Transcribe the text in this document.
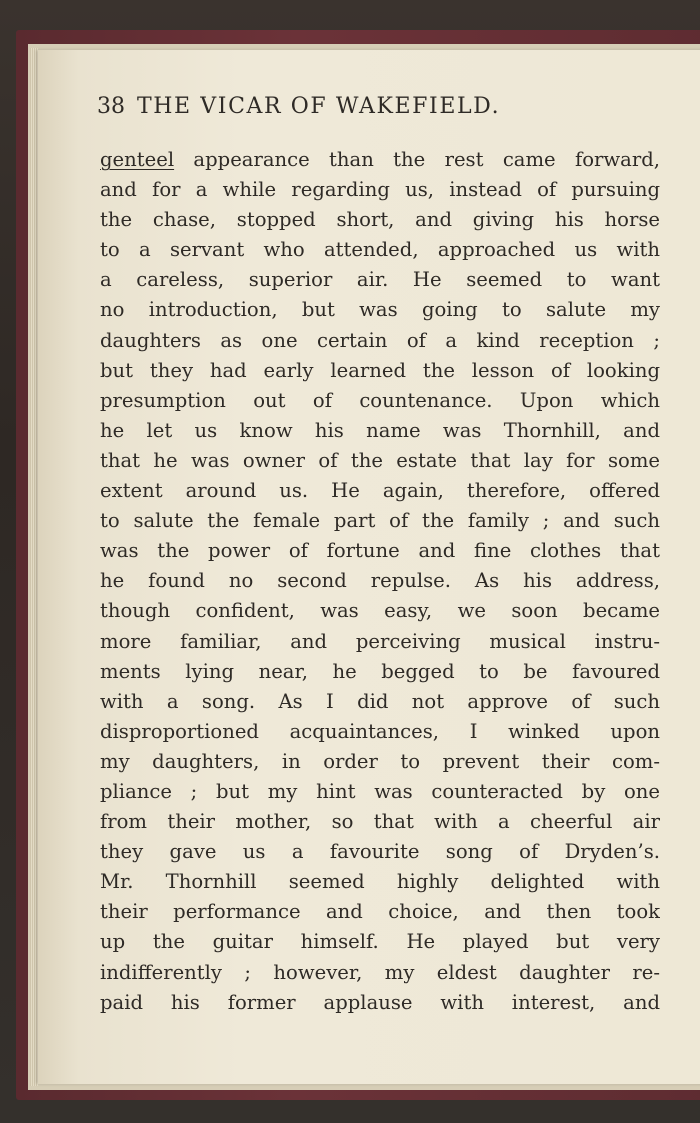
38 THE VICAR OF WAKEFIELD.
genteel appearance than the rest came forward,
and for a while regarding us, instead of pursuing
the chase, stopped short, and giving his horse
to a servant who attended, approached us with
a careless, superior air. He seemed to want
no introduction, but was going to salute my
daughters as one certain of a kind reception ;
but they had early learned the lesson of looking
presumption out of countenance. Upon which
he let us know his name was Thornhill, and
that he was owner of the estate that lay for some
extent around us. He again, therefore, offered
to salute the female part of the family ; and such
was the power of fortune and fine clothes that
he found no second repulse. As his address,
though confident, was easy, we soon became
more familiar, and perceiving musical instru-
ments lying near, he begged to be favoured
with a song. As I did not approve of such
disproportioned acquaintances, I winked upon
my daughters, in order to prevent their com-
pliance ; but my hint was counteracted by one
from their mother, so that with a cheerful air
they gave us a favourite song of Dryden’s.
Mr. Thornhill seemed highly delighted with
their performance and choice, and then took
up the guitar himself. He played but very
indifferently ; however, my eldest daughter re-
paid his former applause with interest, and
